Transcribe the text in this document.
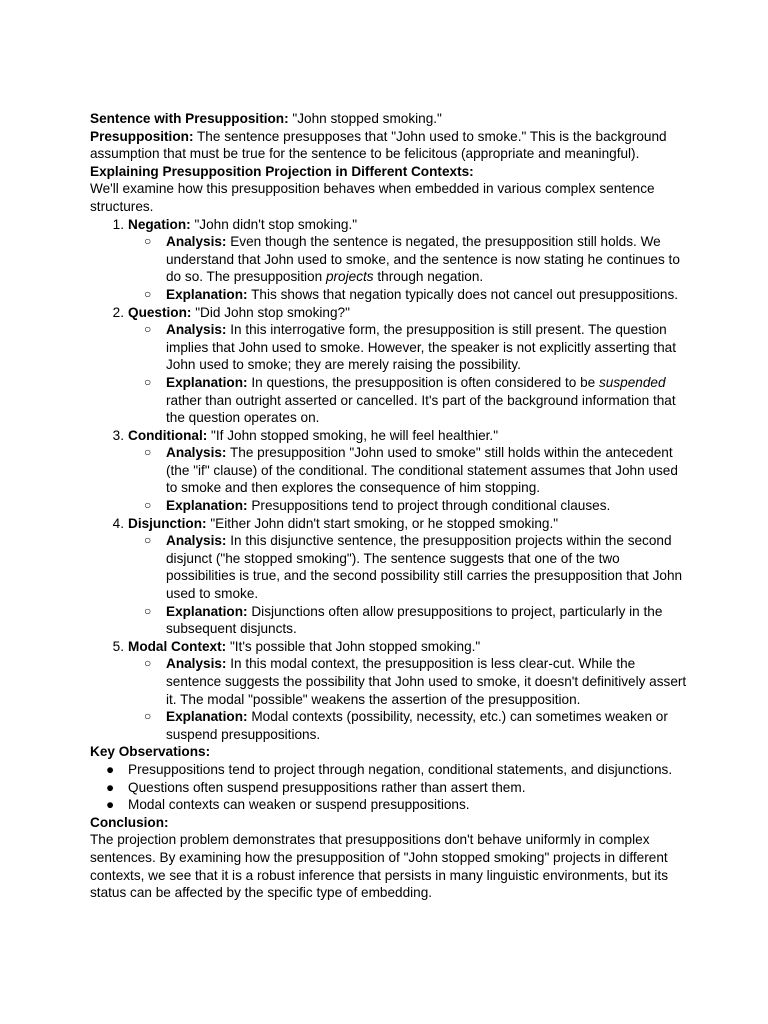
Sentence with Presupposition: "John stopped smoking."

Presupposition: The sentence presupposes that "John used to smoke." This is the background assumption that must be true for the sentence to be felicitous (appropriate and meaningful).

Explaining Presupposition Projection in Different Contexts:

We'll examine how this presupposition behaves when embedded in various complex sentence structures.

1. Negation: "John didn't stop smoking."
○ Analysis: Even though the sentence is negated, the presupposition still holds. We understand that John used to smoke, and the sentence is now stating he continues to do so. The presupposition projects through negation.
○ Explanation: This shows that negation typically does not cancel out presuppositions.
2. Question: "Did John stop smoking?"
○ Analysis: In this interrogative form, the presupposition is still present. The question implies that John used to smoke. However, the speaker is not explicitly asserting that John used to smoke; they are merely raising the possibility.
○ Explanation: In questions, the presupposition is often considered to be suspended rather than outright asserted or cancelled. It's part of the background information that the question operates on.
3. Conditional: "If John stopped smoking, he will feel healthier."
○ Analysis: The presupposition "John used to smoke" still holds within the antecedent (the "if" clause) of the conditional. The conditional statement assumes that John used to smoke and then explores the consequence of him stopping.
○ Explanation: Presuppositions tend to project through conditional clauses.
4. Disjunction: "Either John didn't start smoking, or he stopped smoking."
○ Analysis: In this disjunctive sentence, the presupposition projects within the second disjunct ("he stopped smoking"). The sentence suggests that one of the two possibilities is true, and the second possibility still carries the presupposition that John used to smoke.
○ Explanation: Disjunctions often allow presuppositions to project, particularly in the subsequent disjuncts.
5. Modal Context: "It's possible that John stopped smoking."
○ Analysis: In this modal context, the presupposition is less clear-cut. While the sentence suggests the possibility that John used to smoke, it doesn't definitively assert it. The modal "possible" weakens the assertion of the presupposition.
○ Explanation: Modal contexts (possibility, necessity, etc.) can sometimes weaken or suspend presuppositions.

Key Observations:

● Presuppositions tend to project through negation, conditional statements, and disjunctions.
● Questions often suspend presuppositions rather than assert them.
● Modal contexts can weaken or suspend presuppositions.

Conclusion:

The projection problem demonstrates that presuppositions don't behave uniformly in complex sentences. By examining how the presupposition of "John stopped smoking" projects in different contexts, we see that it is a robust inference that persists in many linguistic environments, but its status can be affected by the specific type of embedding.
